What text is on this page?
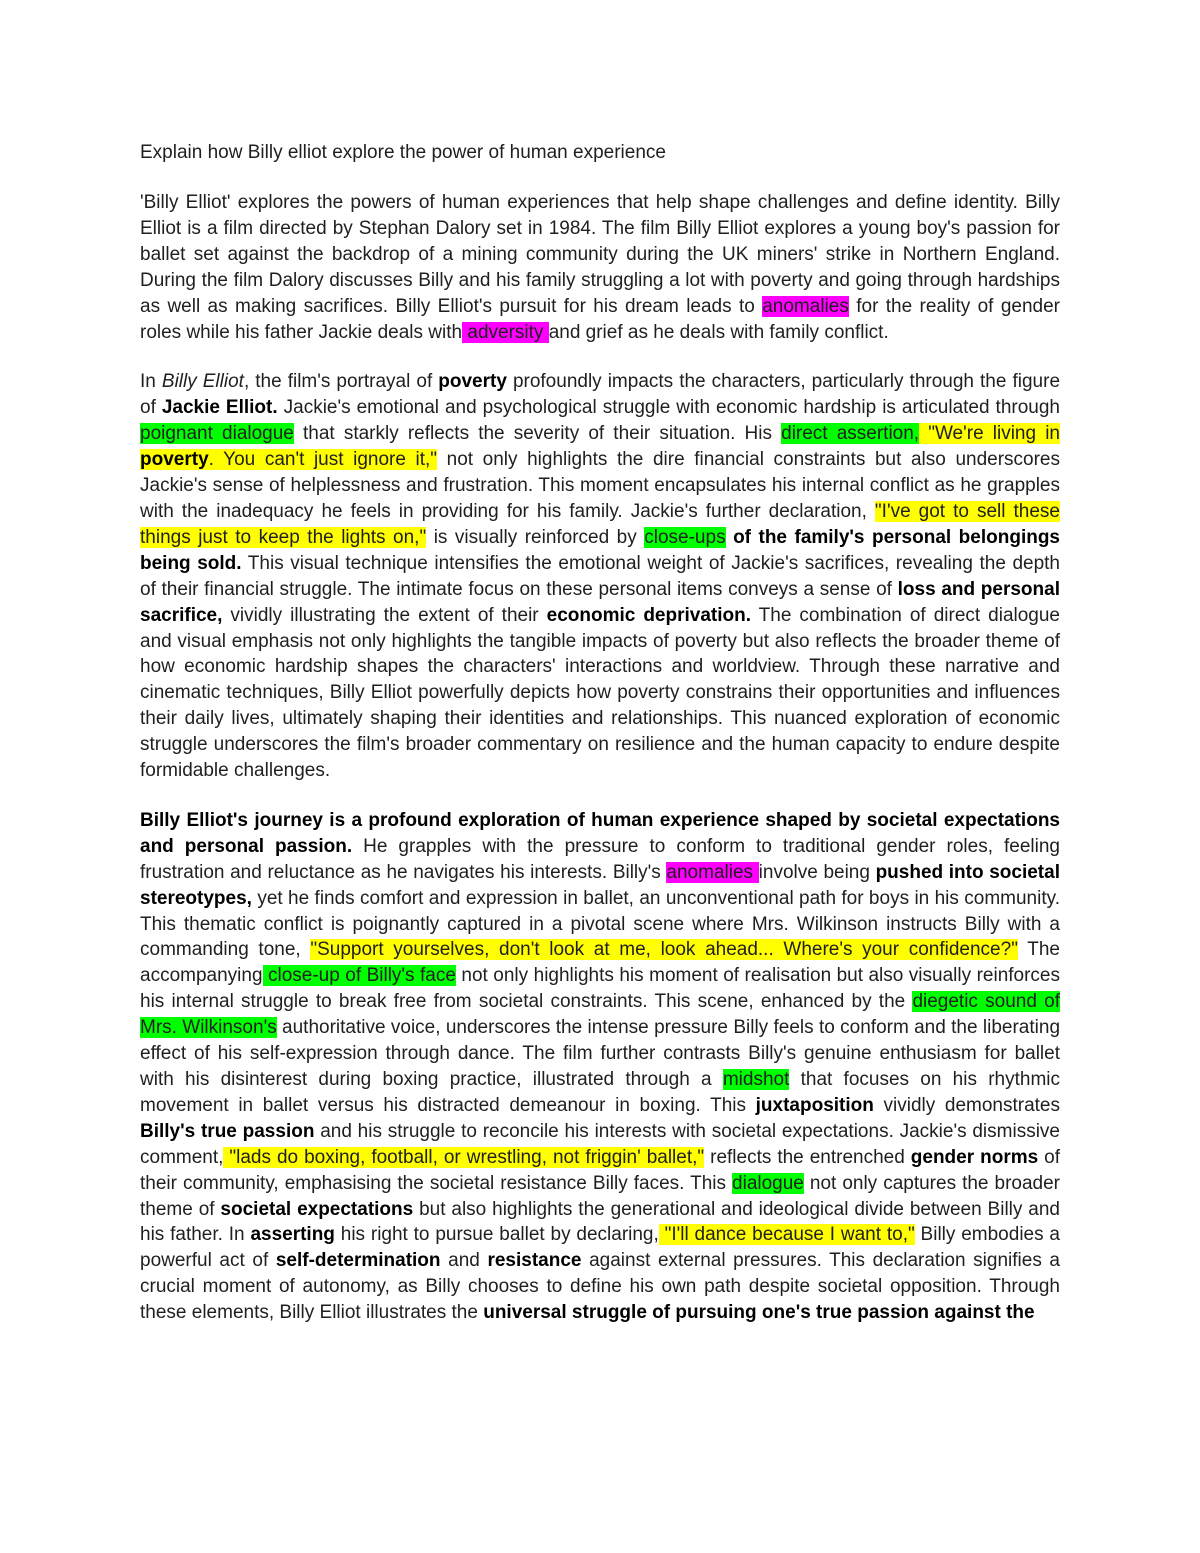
Explain how Billy elliot explore the power of human experience

'Billy Elliot' explores the powers of human experiences that help shape challenges and define identity. Billy Elliot is a film directed by Stephan Dalory set in 1984. The film Billy Elliot explores a young boy's passion for ballet set against the backdrop of a mining community during the UK miners' strike in Northern England. During the film Dalory discusses Billy and his family struggling a lot with poverty and going through hardships as well as making sacrifices. Billy Elliot's pursuit for his dream leads to anomalies for the reality of gender roles while his father Jackie deals with adversity and grief as he deals with family conflict.

In Billy Elliot, the film's portrayal of poverty profoundly impacts the characters, particularly through the figure of Jackie Elliot. Jackie's emotional and psychological struggle with economic hardship is articulated through poignant dialogue that starkly reflects the severity of their situation. His direct assertion, "We're living in poverty. You can't just ignore it," not only highlights the dire financial constraints but also underscores Jackie's sense of helplessness and frustration. This moment encapsulates his internal conflict as he grapples with the inadequacy he feels in providing for his family. Jackie's further declaration, "I've got to sell these things just to keep the lights on," is visually reinforced by close-ups of the family's personal belongings being sold. This visual technique intensifies the emotional weight of Jackie's sacrifices, revealing the depth of their financial struggle. The intimate focus on these personal items conveys a sense of loss and personal sacrifice, vividly illustrating the extent of their economic deprivation. The combination of direct dialogue and visual emphasis not only highlights the tangible impacts of poverty but also reflects the broader theme of how economic hardship shapes the characters' interactions and worldview. Through these narrative and cinematic techniques, Billy Elliot powerfully depicts how poverty constrains their opportunities and influences their daily lives, ultimately shaping their identities and relationships. This nuanced exploration of economic struggle underscores the film's broader commentary on resilience and the human capacity to endure despite formidable challenges.

Billy Elliot's journey is a profound exploration of human experience shaped by societal expectations and personal passion. He grapples with the pressure to conform to traditional gender roles, feeling frustration and reluctance as he navigates his interests. Billy's anomalies involve being pushed into societal stereotypes, yet he finds comfort and expression in ballet, an unconventional path for boys in his community. This thematic conflict is poignantly captured in a pivotal scene where Mrs. Wilkinson instructs Billy with a commanding tone, "Support yourselves, don't look at me, look ahead... Where's your confidence?" The accompanying close-up of Billy's face not only highlights his moment of realisation but also visually reinforces his internal struggle to break free from societal constraints. This scene, enhanced by the diegetic sound of Mrs. Wilkinson's authoritative voice, underscores the intense pressure Billy feels to conform and the liberating effect of his self-expression through dance. The film further contrasts Billy's genuine enthusiasm for ballet with his disinterest during boxing practice, illustrated through a midshot that focuses on his rhythmic movement in ballet versus his distracted demeanour in boxing. This juxtaposition vividly demonstrates Billy's true passion and his struggle to reconcile his interests with societal expectations. Jackie's dismissive comment, "lads do boxing, football, or wrestling, not friggin' ballet," reflects the entrenched gender norms of their community, emphasising the societal resistance Billy faces. This dialogue not only captures the broader theme of societal expectations but also highlights the generational and ideological divide between Billy and his father. In asserting his right to pursue ballet by declaring, "I'll dance because I want to," Billy embodies a powerful act of self-determination and resistance against external pressures. This declaration signifies a crucial moment of autonomy, as Billy chooses to define his own path despite societal opposition. Through these elements, Billy Elliot illustrates the universal struggle of pursuing one's true passion against the
